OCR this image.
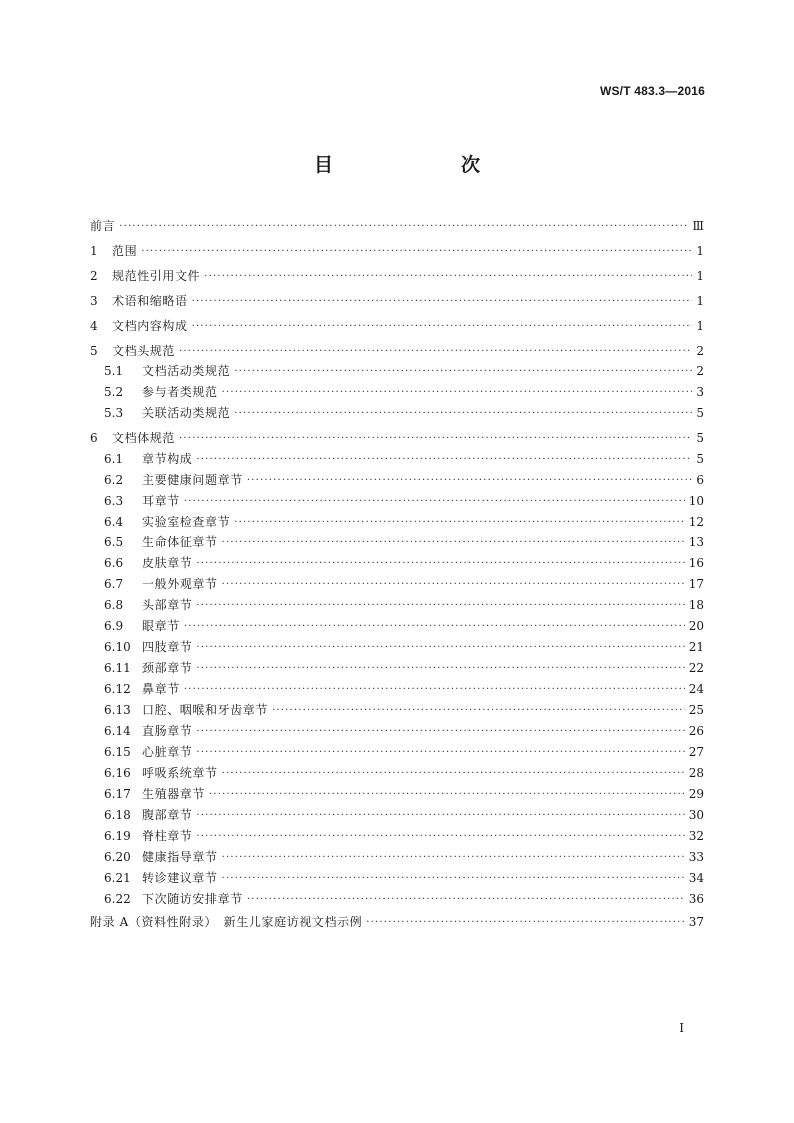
WS/T 483.3—2016
目　　次
前言 ·····	Ⅲ
1	范围 ·····	1
2	规范性引用文件 ·····	1
3	术语和缩略语 ·····	1
4	文档内容构成 ·····	1
5	文档头规范 ·····	2
5.1	文档活动类规范 ·····	2
5.2	参与者类规范 ·····	3
5.3	关联活动类规范 ·····	5
6	文档体规范 ·····	5
6.1	章节构成 ·····	5
6.2	主要健康问题章节 ·····	6
6.3	耳章节 ·····	10
6.4	实验室检查章节 ·····	12
6.5	生命体征章节 ·····	13
6.6	皮肤章节 ·····	16
6.7	一般外观章节 ·····	17
6.8	头部章节 ·····	18
6.9	眼章节 ·····	20
6.10 四肢章节 ·····	21
6.11 颈部章节 ·····	22
6.12 鼻章节 ·····	24
6.13 口腔、咽喉和牙齿章节 ·····	25
6.14 直肠章节 ·····	26
6.15 心脏章节 ·····	27
6.16 呼吸系统章节 ·····	28
6.17 生殖器章节 ·····	29
6.18 腹部章节 ·····	30
6.19 脊柱章节 ·····	32
6.20 健康指导章节 ·····	33
6.21 转诊建议章节 ·····	34
6.22 下次随访安排章节 ·····	36
附录 A（资料性附录）　新生儿家庭访视文档示例 ·····	37
I
